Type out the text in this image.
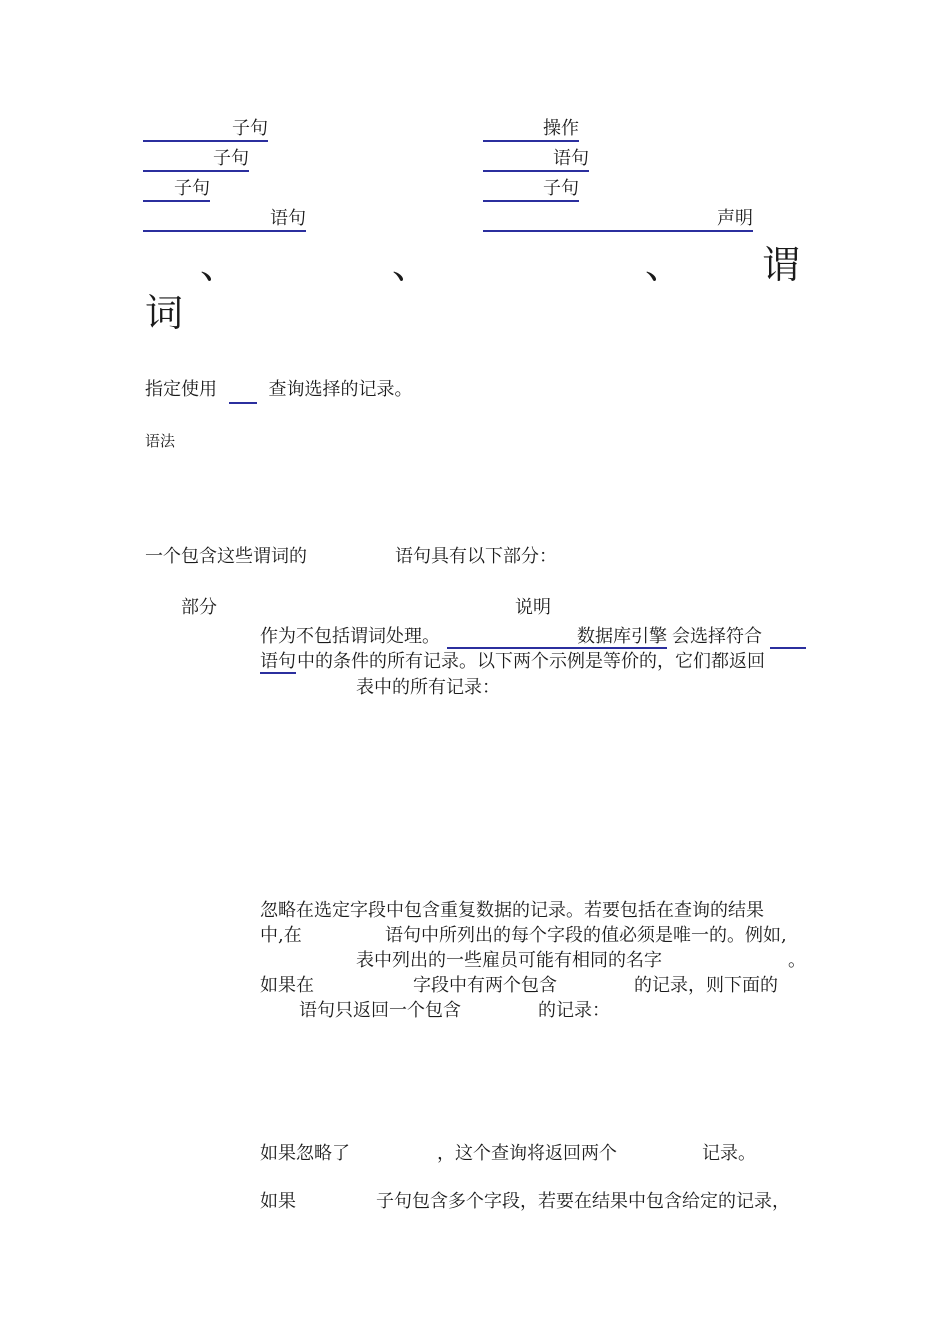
子句	操作
子句	语句
子句	子句
语句	声明
、	、	、 谓
词
指定使用	查询选择的记录。
语法
一个包含这些谓词的	语句具有以下部分：
部分	说明
作为不包括谓词处理。	数据库引擎 会选择符合
语句 中的条件的所有记录。以下两个示例是等价的，它们都返回
表中的所有记录：
忽略在选定字段中包含重复数据的记录。若要包括在查询的结果
中,在	语句中所列出的每个字段的值必须是唯一的。例如,
表中列出的一些雇员可能有相同的名字	。
如果在	字段中有两个包含	的记录，则下面的
语句只返回一个包含	的记录：
如果忽略了	，这个查询将返回两个	记录。
如果	子句包含多个字段，若要在结果中包含给定的记录，
